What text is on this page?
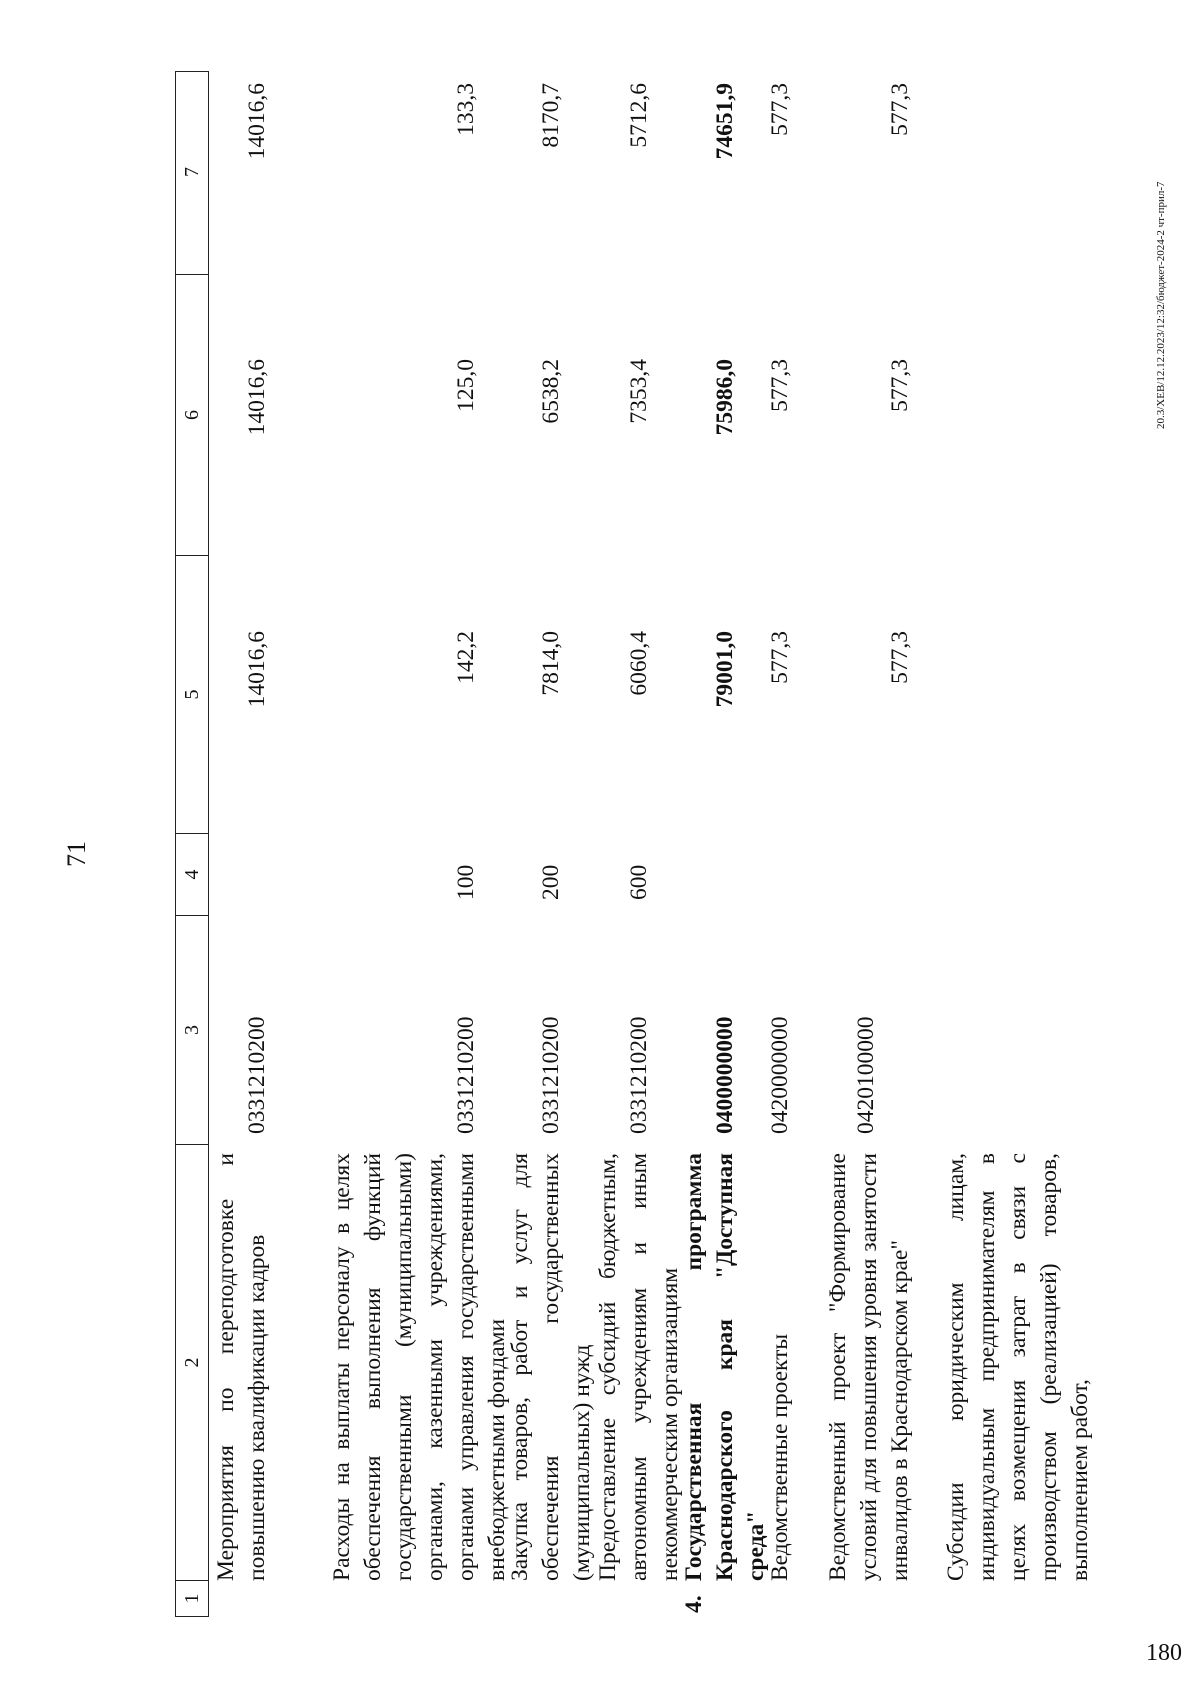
71
1
2
3
4
5
6
7
Мероприятия по переподготовке и повышению квалификации кадров
0331210200
14016,6
14016,6
14016,6
Расходы на выплаты персоналу в целях обеспечения выполнения функций государственными (муниципальными) органами, казенными учреждениями, органами управления государственными внебюджетными фондами
0331210200
100
142,2
125,0
133,3
Закупка товаров, работ и услуг для обеспечения государственных (муниципальных) нужд
0331210200
200
7814,0
6538,2
8170,7
Предоставление субсидий бюджетным, автономным учреждениям и иным некоммерческим организациям
0331210200
600
6060,4
7353,4
5712,6
4.
Государственная программа Краснодарского края "Доступная среда"
0400000000
79001,0
75986,0
74651,9
Ведомственные проекты
0420000000
577,3
577,3
577,3
Ведомственный проект "Формирование условий для повышения уровня занятости инвалидов в Краснодарском крае"
0420100000
577,3
577,3
577,3
Субсидии юридическим лицам, индивидуальным предпринимателям в целях возмещения затрат в связи с производством (реализацией) товаров, выполнением работ,
20.3/ХЕВ/12.12.2023/12:32/бюджет-2024-2 чт-прил-7
180
